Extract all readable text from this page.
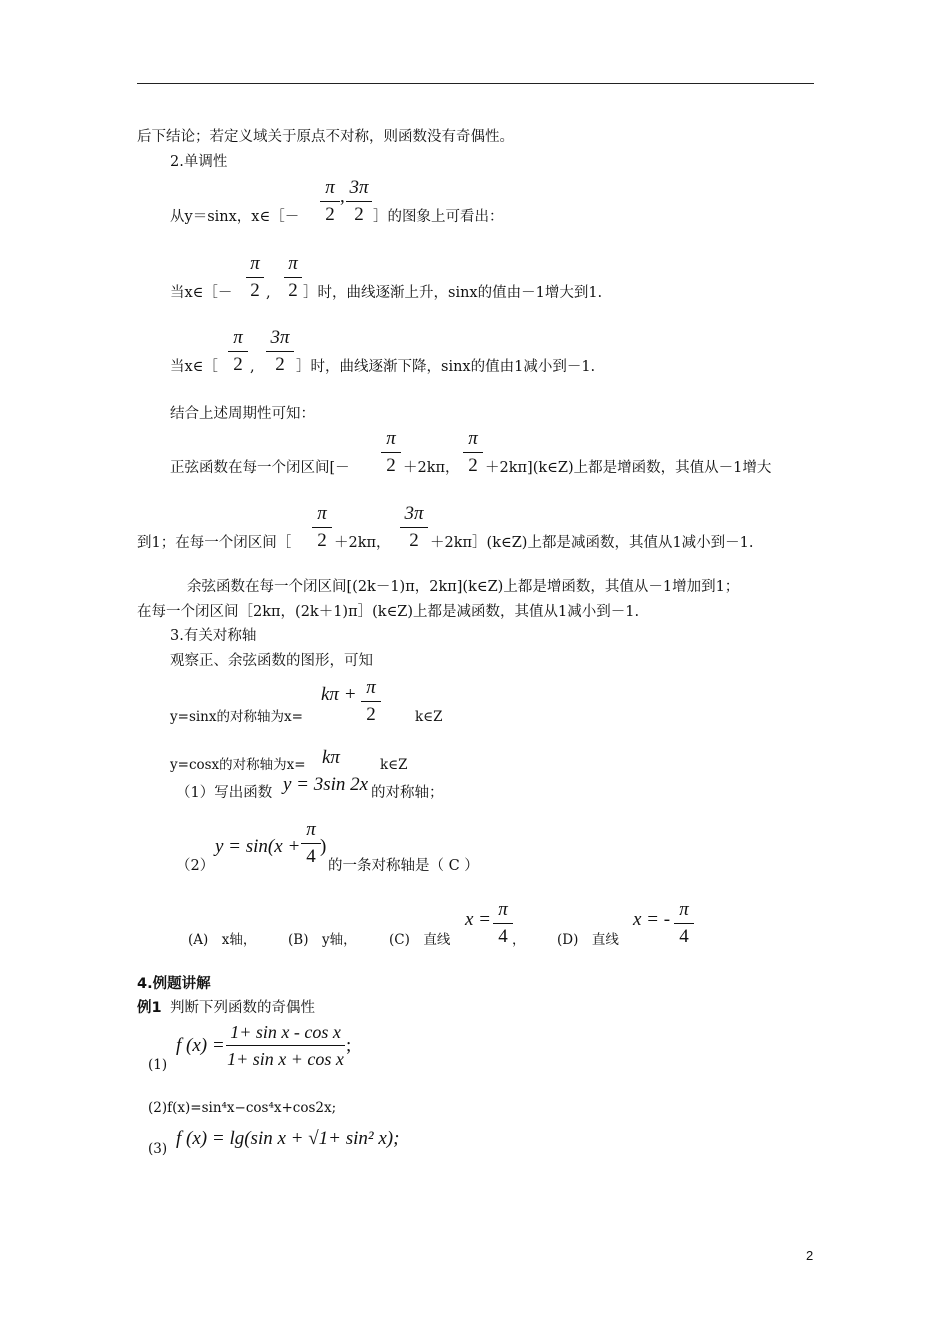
后下结论；若定义域关于原点不对称，则函数没有奇偶性。
2.单调性
从y＝sinx，x∈［－
π
2
, 3π
2 ］的图象上可看出：
当x∈［－
π
2 ,
π
2 ］时，曲线逐渐上升，sinx的值由－1增大到1.
当x∈［
π
2 ,
3π
2 ］时，曲线逐渐下降，sinx的值由1减小到－1.
结合上述周期性可知：
正弦函数在每一个闭区间[－
π
2 ＋2kπ，
π
2 ＋2kπ](k∈Z)上都是增函数，其值从－1增大
到1；在每一个闭区间［
π
2 ＋2kπ，
3π
2 ＋2kπ］(k∈Z)上都是减函数，其值从1减小到－1.
余弦函数在每一个闭区间[(2k－1)π，2kπ](k∈Z)上都是增函数，其值从－1增加到1；
在每一个闭区间［2kπ，(2k＋1)π］(k∈Z)上都是减函数，其值从1减小到－1.
3.有关对称轴
观察正、余弦函数的图形，可知
y=sinx的对称轴为x=
kπ + π
2	k∈Z
y=cosx的对称轴为x= kπ	k∈Z
（1）写出函数 y = 3sin 2x 的对称轴；
（2）
y = sin(x +
π
4 )
的一条对称轴是（ C ）
(A)　x轴， (B)　y轴， (C)　直线
x = π
4 ， (D)　直线
x = - π
4
4.例题讲解
例1 判断下列函数的奇偶性
(1)
f (x) =
1+ sin x - cos x
1+ sin x + cos x
;
(2)f(x)=sin⁴x−cos⁴x+cos2x;
(3) f (x) = lg(sin x + √1+ sin² x);
2
